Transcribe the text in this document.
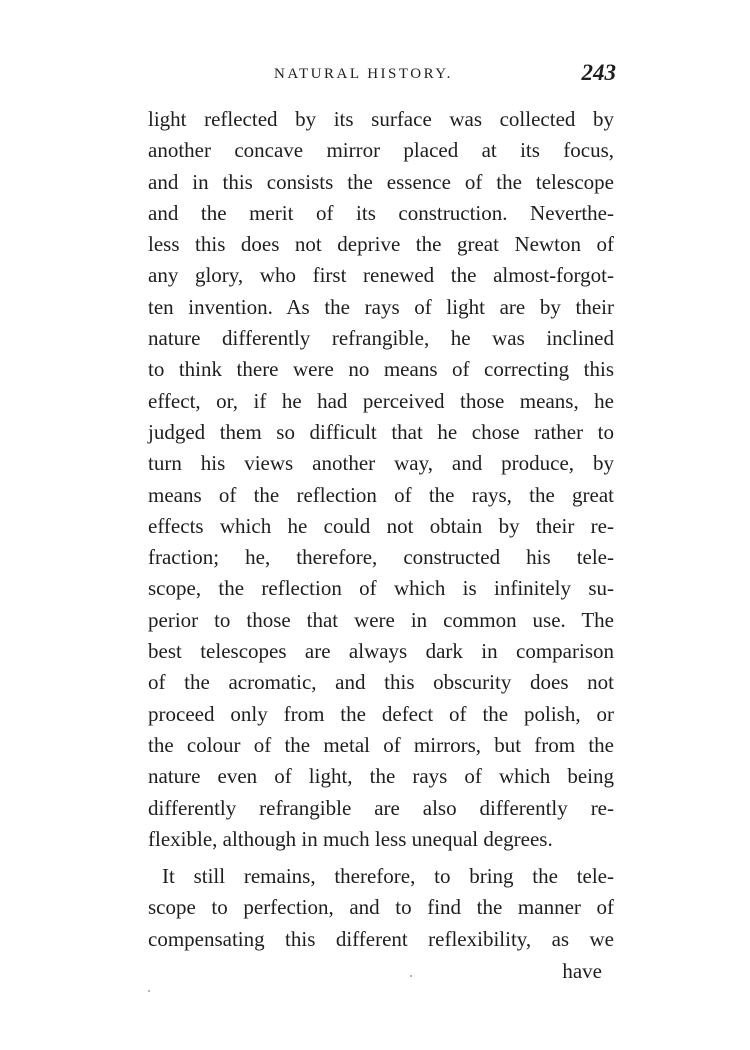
NATURAL HISTORY.	243
light reflected by its surface was collected by
another concave mirror placed at its focus,
and in this consists the essence of the telescope
and the merit of its construction. Neverthe-
less this does not deprive the great Newton of
any glory, who first renewed the almost-forgot-
ten invention. As the rays of light are by their
nature differently refrangible, he was inclined
to think there were no means of correcting this
effect, or, if he had perceived those means, he
judged them so difficult that he chose rather to
turn his views another way, and produce, by
means of the reflection of the rays, the great
effects which he could not obtain by their re-
fraction; he, therefore, constructed his tele-
scope, the reflection of which is infinitely su-
perior to those that were in common use. The
best telescopes are always dark in comparison
of the acromatic, and this obscurity does not
proceed only from the defect of the polish, or
the colour of the metal of mirrors, but from the
nature even of light, the rays of which being
differently refrangible are also differently re-
flexible, although in much less unequal degrees.
It still remains, therefore, to bring the tele-
scope to perfection, and to find the manner of
compensating this different reflexibility, as we
have
